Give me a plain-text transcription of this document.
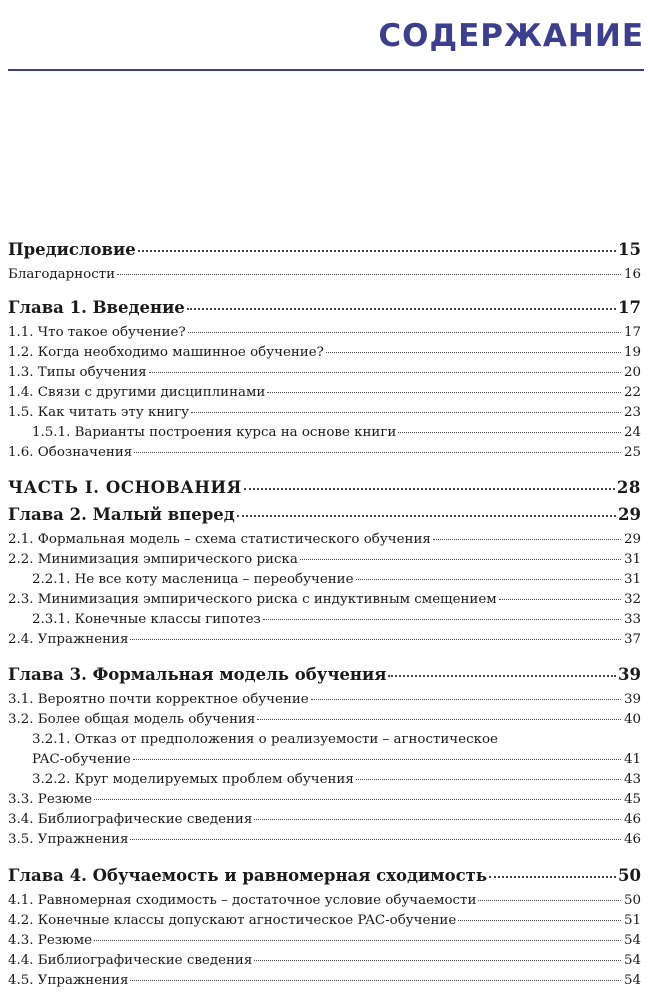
СОДЕРЖАНИЕ
Предисловие	15
Благодарности	16
Глава 1. Введение	17
1.1. Что такое обучение?	17
1.2. Когда необходимо машинное обучение?	19
1.3. Типы обучения	20
1.4. Связи с другими дисциплинами	22
1.5. Как читать эту книгу	23
1.5.1. Варианты построения курса на основе книги	24
1.6. Обозначения	25
ЧАСТЬ I. ОСНОВАНИЯ	28
Глава 2. Малый вперед	29
2.1. Формальная модель – схема статистического обучения	29
2.2. Минимизация эмпирического риска	31
2.2.1. Не все коту масленица – переобучение	31
2.3. Минимизация эмпирического риска с индуктивным смещением	32
2.3.1. Конечные классы гипотез	33
2.4. Упражнения	37
Глава 3. Формальная модель обучения	39
3.1. Вероятно почти корректное обучение	39
3.2. Более общая модель обучения	40
3.2.1. Отказ от предположения о реализуемости – агностическое
PAC-обучение	41
3.2.2. Круг моделируемых проблем обучения	43
3.3. Резюме	45
3.4. Библиографические сведения	46
3.5. Упражнения	46
Глава 4. Обучаемость и равномерная сходимость	50
4.1. Равномерная сходимость – достаточное условие обучаемости	50
4.2. Конечные классы допускают агностическое PAC-обучение	51
4.3. Резюме	54
4.4. Библиографические сведения	54
4.5. Упражнения	54
